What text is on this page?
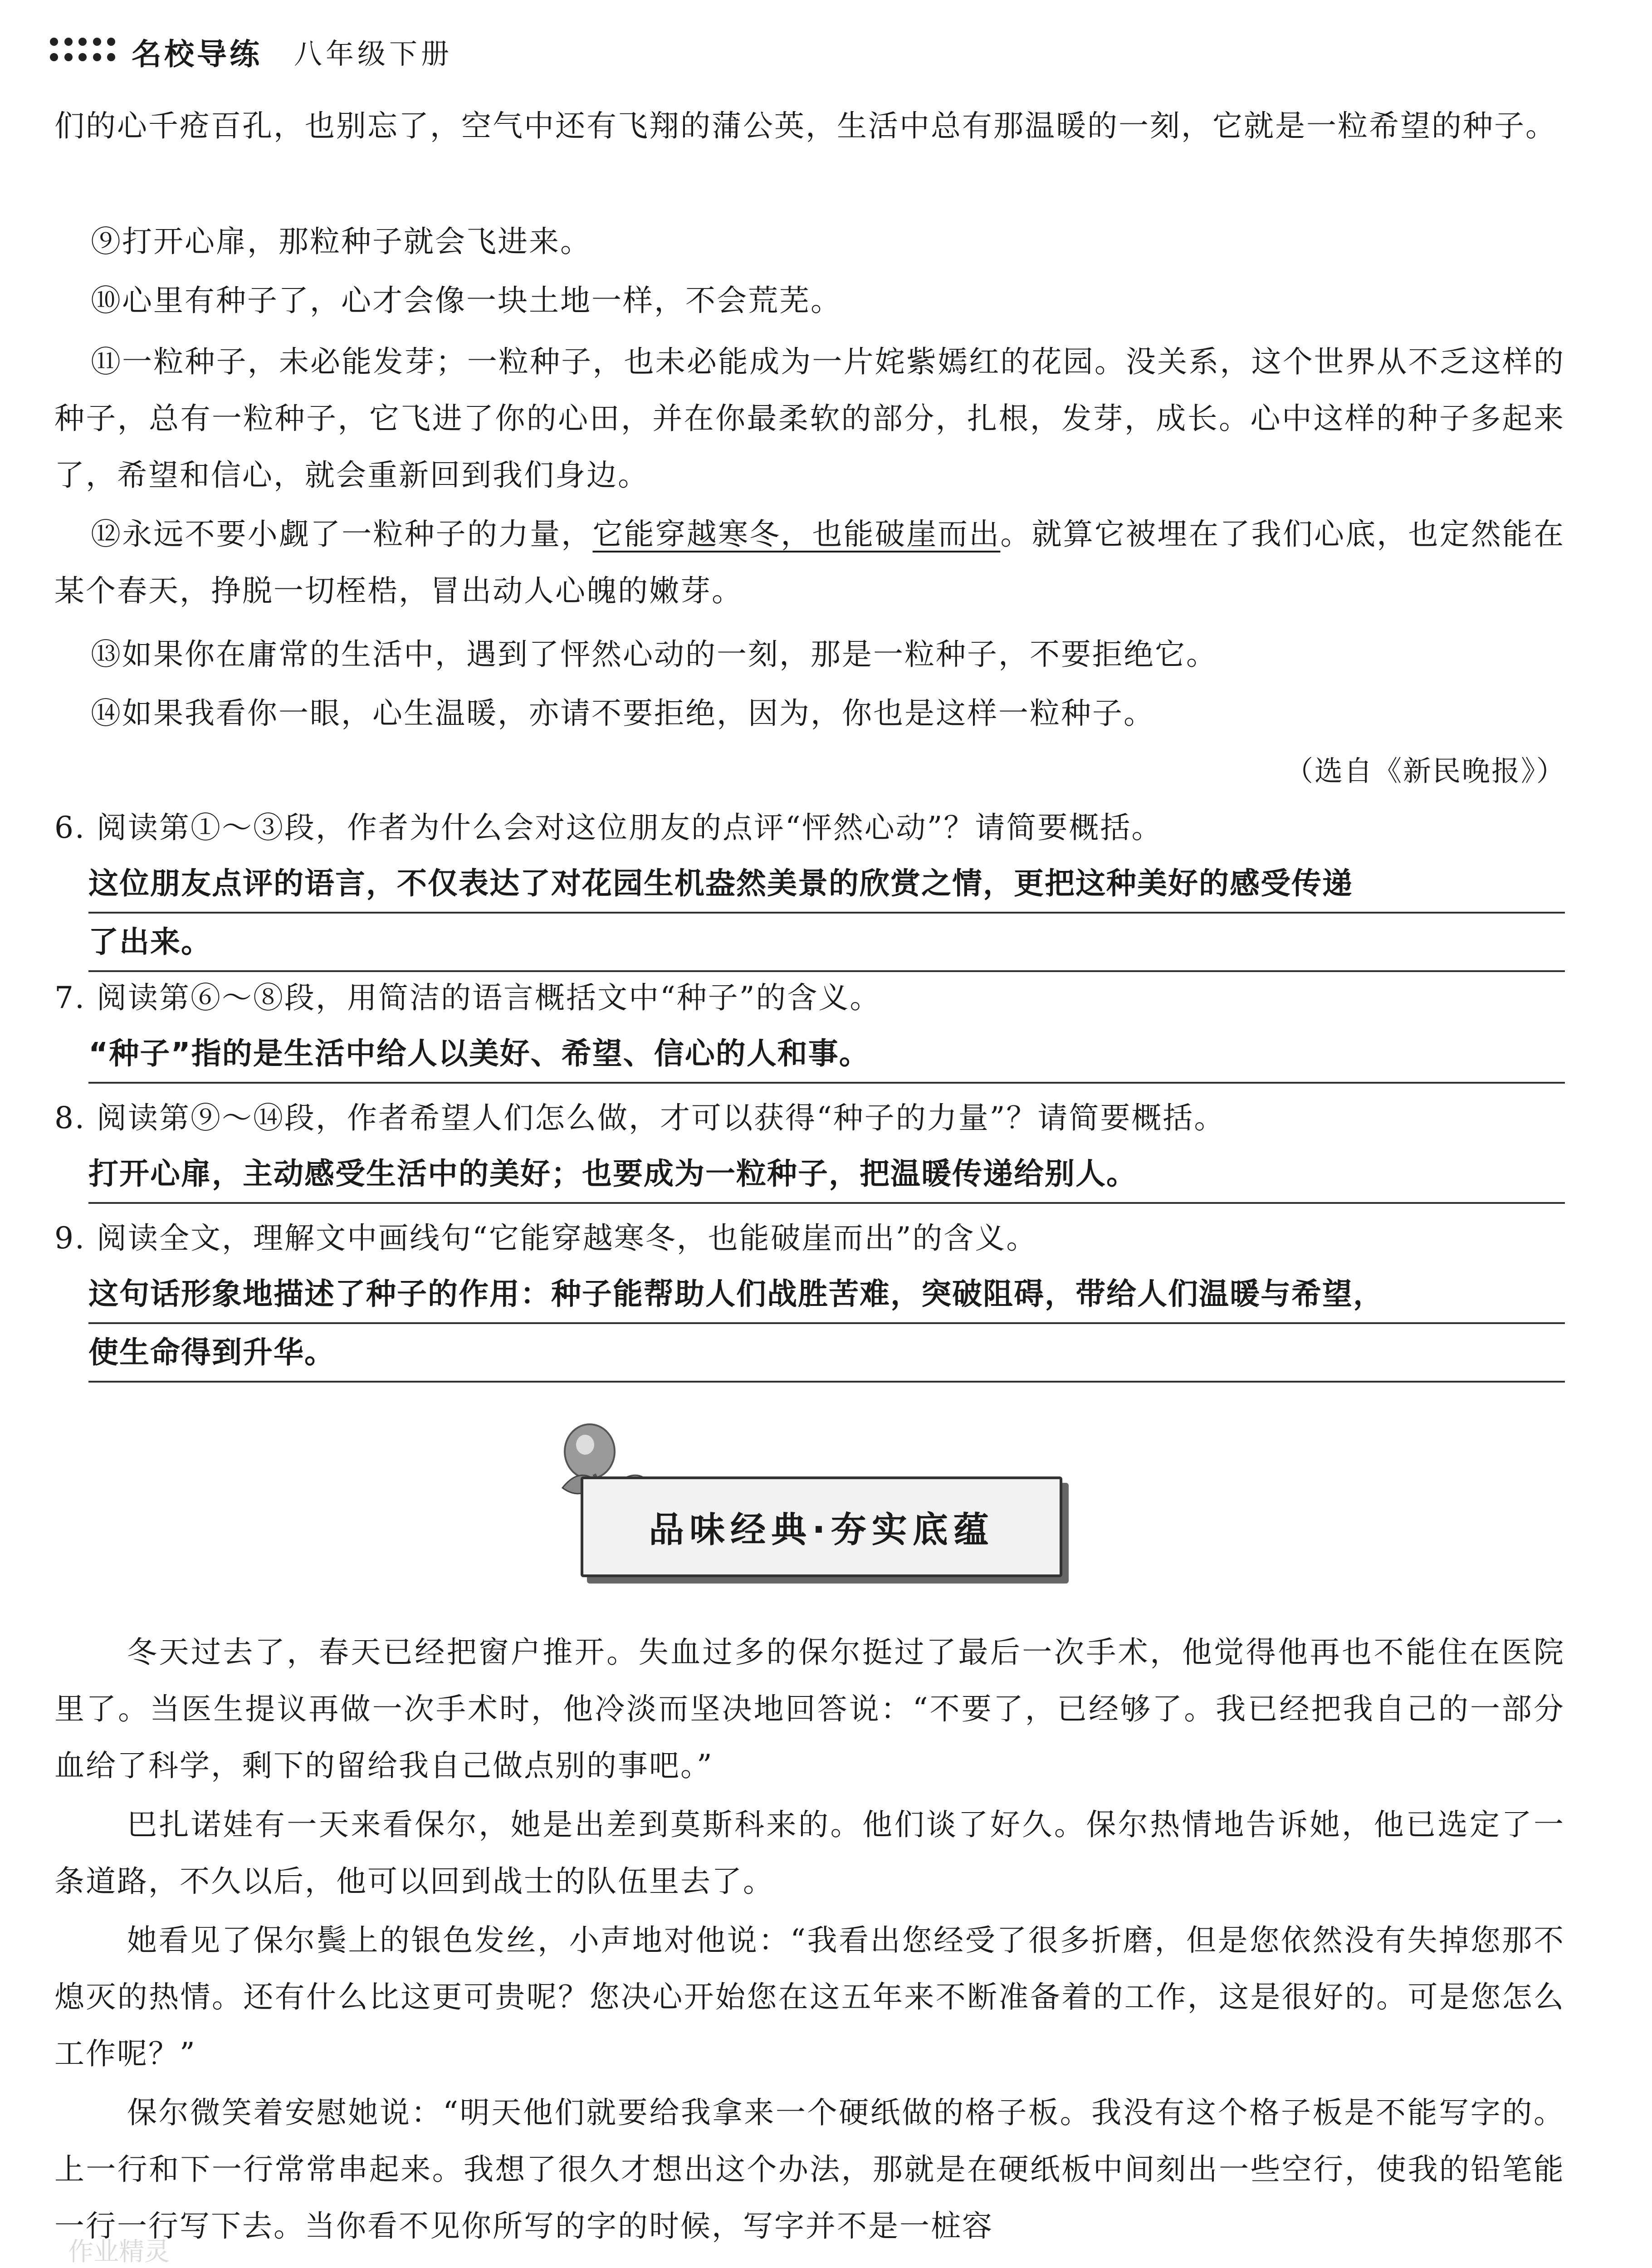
名校导练 八年级下册
们的心千疮百孔，也别忘了，空气中还有飞翔的蒲公英，生活中总有那温暖的一刻，它就是一粒希望的种子。
⑨打开心扉，那粒种子就会飞进来。
⑩心里有种子了，心才会像一块土地一样，不会荒芜。
⑪一粒种子，未必能发芽；一粒种子，也未必能成为一片姹紫嫣红的花园。没关系，这个世界从不乏这样的种子，总有一粒种子，它飞进了你的心田，并在你最柔软的部分，扎根，发芽，成长。心中这样的种子多起来了，希望和信心，就会重新回到我们身边。
⑫永远不要小觑了一粒种子的力量，它能穿越寒冬，也能破崖而出。就算它被埋在了我们心底，也定然能在某个春天，挣脱一切桎梏，冒出动人心魄的嫩芽。
⑬如果你在庸常的生活中，遇到了怦然心动的一刻，那是一粒种子，不要拒绝它。
⑭如果我看你一眼，心生温暖，亦请不要拒绝，因为，你也是这样一粒种子。
（选自《新民晚报》）
6. 阅读第①～③段，作者为什么会对这位朋友的点评“怦然心动”？请简要概括。
这位朋友点评的语言，不仅表达了对花园生机盎然美景的欣赏之情，更把这种美好的感受传递
了出来。
7. 阅读第⑥～⑧段，用简洁的语言概括文中“种子”的含义。
“种子”指的是生活中给人以美好、希望、信心的人和事。
8. 阅读第⑨～⑭段，作者希望人们怎么做，才可以获得“种子的力量”？请简要概括。
打开心扉，主动感受生活中的美好；也要成为一粒种子，把温暖传递给别人。
9. 阅读全文，理解文中画线句“它能穿越寒冬，也能破崖而出”的含义。
这句话形象地描述了种子的作用：种子能帮助人们战胜苦难，突破阻碍，带给人们温暖与希望，
使生命得到升华。
品味经典·夯实底蕴
冬天过去了，春天已经把窗户推开。失血过多的保尔挺过了最后一次手术，他觉得他再也不能住在医院里了。当医生提议再做一次手术时，他冷淡而坚决地回答说：“不要了，已经够了。我已经把我自己的一部分血给了科学，剩下的留给我自己做点别的事吧。”
巴扎诺娃有一天来看保尔，她是出差到莫斯科来的。他们谈了好久。保尔热情地告诉她，他已选定了一条道路，不久以后，他可以回到战士的队伍里去了。
她看见了保尔鬓上的银色发丝，小声地对他说：“我看出您经受了很多折磨，但是您依然没有失掉您那不熄灭的热情。还有什么比这更可贵呢？您决心开始您在这五年来不断准备着的工作，这是很好的。可是您怎么工作呢？”
保尔微笑着安慰她说：“明天他们就要给我拿来一个硬纸做的格子板。我没有这个格子板是不能写字的。上一行和下一行常常串起来。我想了很久才想出这个办法，那就是在硬纸板中间刻出一些空行，使我的铅笔能一行一行写下去。当你看不见你所写的字的时候，写字并不是一桩容
作业精灵
